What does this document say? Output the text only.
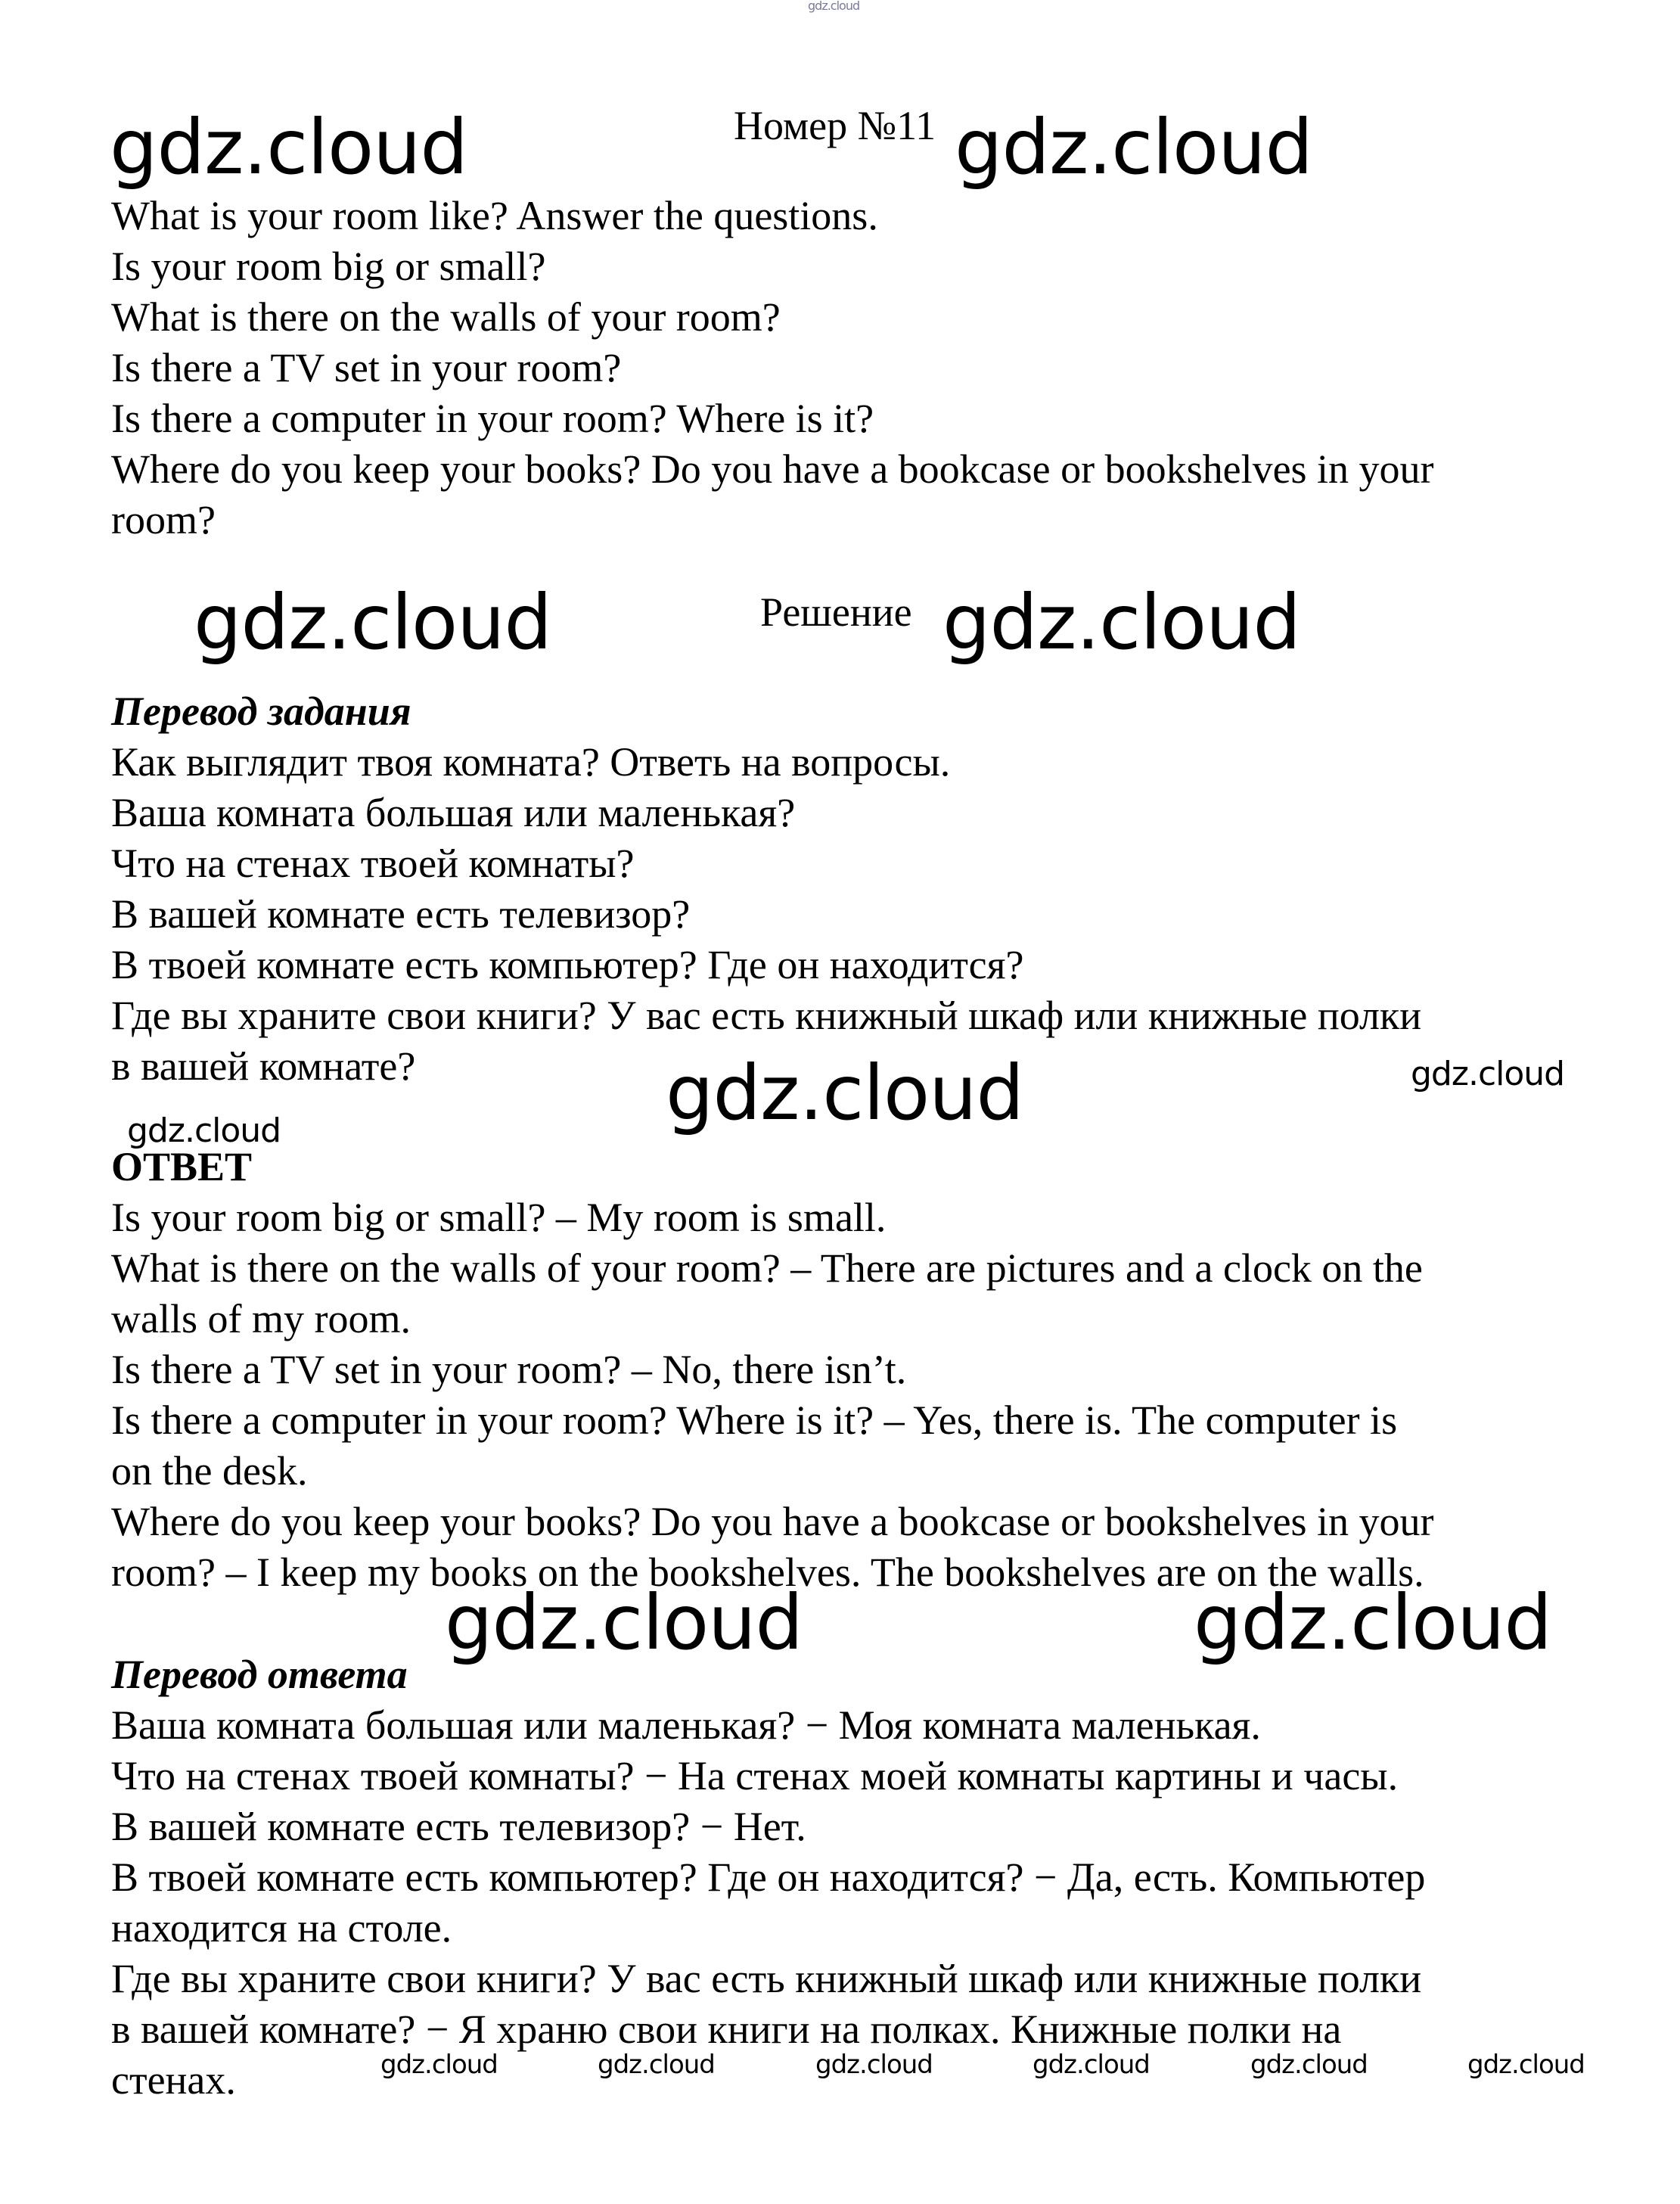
gdz.cloud
gdz.cloud	Номер №11 gdz.cloud
What is your room like? Answer the questions.
Is your room big or small?
What is there on the walls of your room?
Is there a TV set in your room?
Is there a computer in your room? Where is it?
Where do you keep your books? Do you have a bookcase or bookshelves in your
room?
gdz.cloud	Решение gdz.cloud
Перевод задания
Как выглядит твоя комната? Ответь на вопросы.
Ваша комната большая или маленькая?
Что на стенах твоей комнаты?
В вашей комнате есть телевизор?
В твоей комнате есть компьютер? Где он находится?
Где вы храните свои книги? У вас есть книжный шкаф или книжные полки
в вашей комнате?	gdz.cloud	gdz.cloud
gdz.cloud
ОТВЕТ
Is your room big or small? – My room is small.
What is there on the walls of your room? – There are pictures and a clock on the
walls of my room.
Is there a TV set in your room? – No, there isn’t.
Is there a computer in your room? Where is it? – Yes, there is. The computer is
on the desk.
Where do you keep your books? Do you have a bookcase or bookshelves in your
room? – I keep my books on the bookshelves. The bookshelves are on the walls.
gdz.cloud	gdz.cloud
Перевод ответа
Ваша комната большая или маленькая? − Моя комната маленькая.
Что на стенах твоей комнаты? − На стенах моей комнаты картины и часы.
В вашей комнате есть телевизор? − Нет.
В твоей комнате есть компьютер? Где он находится? − Да, есть. Компьютер
находится на столе.
Где вы храните свои книги? У вас есть книжный шкаф или книжные полки
в вашей комнате? − Я храню свои книги на полках. Книжные полки на
стенах.	gdz.cloud	gdz.cloud	gdz.cloud	gdz.cloud	gdz.cloud	gdz.cloud
